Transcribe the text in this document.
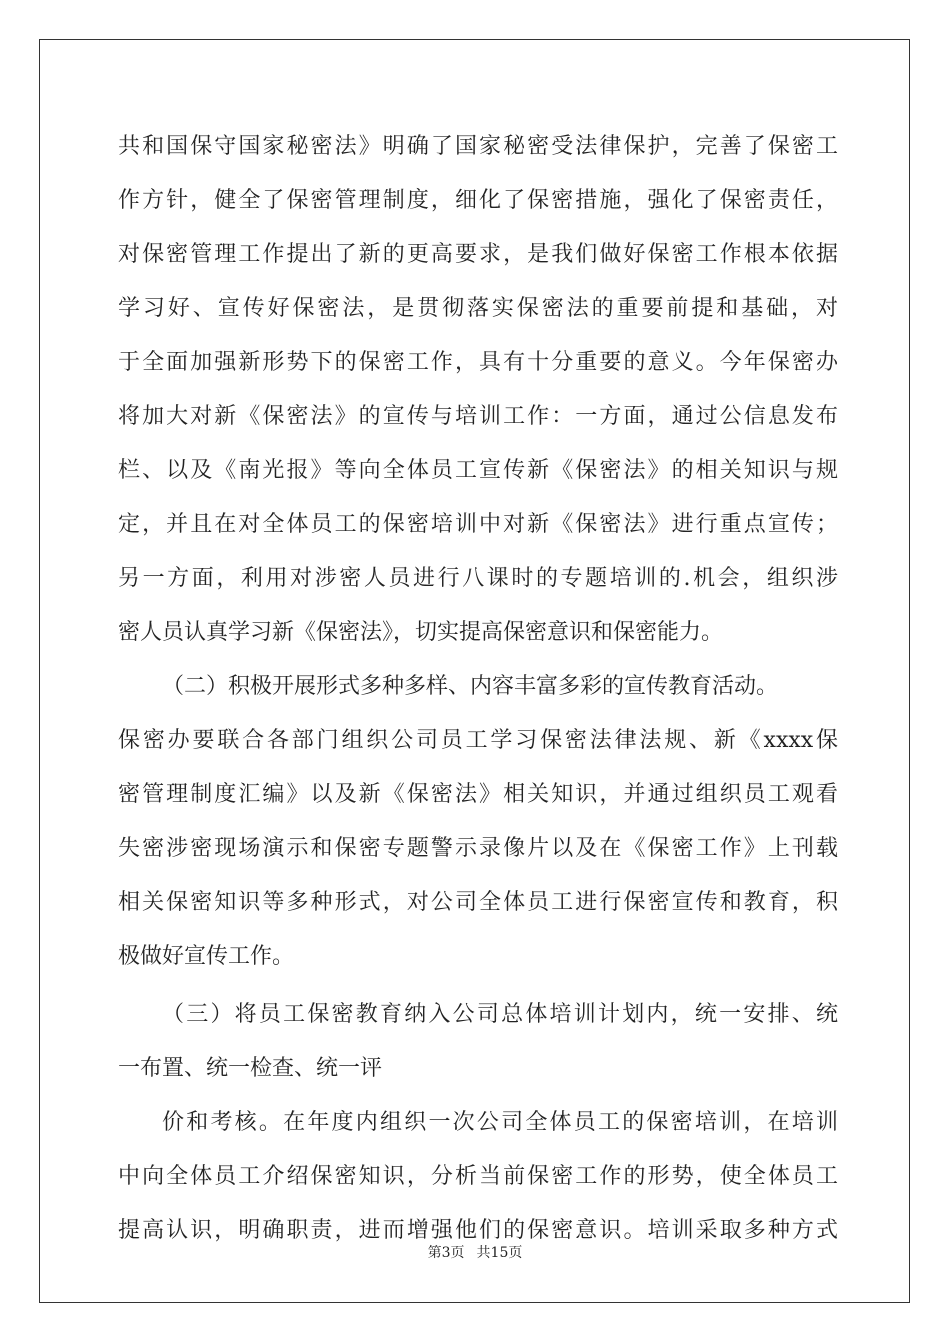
共和国保守国家秘密法》明确了国家秘密受法律保护，完善了保密工
作方针，健全了保密管理制度，细化了保密措施，强化了保密责任，
对保密管理工作提出了新的更高要求，是我们做好保密工作根本依据
学习好、宣传好保密法，是贯彻落实保密法的重要前提和基础，对
于全面加强新形势下的保密工作，具有十分重要的意义。今年保密办
将加大对新《保密法》的宣传与培训工作：一方面，通过公信息发布
栏、以及《南光报》等向全体员工宣传新《保密法》的相关知识与规
定，并且在对全体员工的保密培训中对新《保密法》进行重点宣传；
另一方面，利用对涉密人员进行八课时的专题培训的.机会，组织涉
密人员认真学习新《保密法》，切实提高保密意识和保密能力。
（二）积极开展形式多种多样、内容丰富多彩的宣传教育活动。
保密办要联合各部门组织公司员工学习保密法律法规、新《xxxx保
密管理制度汇编》以及新《保密法》相关知识，并通过组织员工观看
失密涉密现场演示和保密专题警示录像片以及在《保密工作》上刊载
相关保密知识等多种形式，对公司全体员工进行保密宣传和教育，积
极做好宣传工作。
（三）将员工保密教育纳入公司总体培训计划内，统一安排、统
一布置、统一检查、统一评
价和考核。在年度内组织一次公司全体员工的保密培训，在培训
中向全体员工介绍保密知识，分析当前保密工作的形势，使全体员工
提高认识，明确职责，进而增强他们的保密意识。培训采取多种方式
第3页 共15页
